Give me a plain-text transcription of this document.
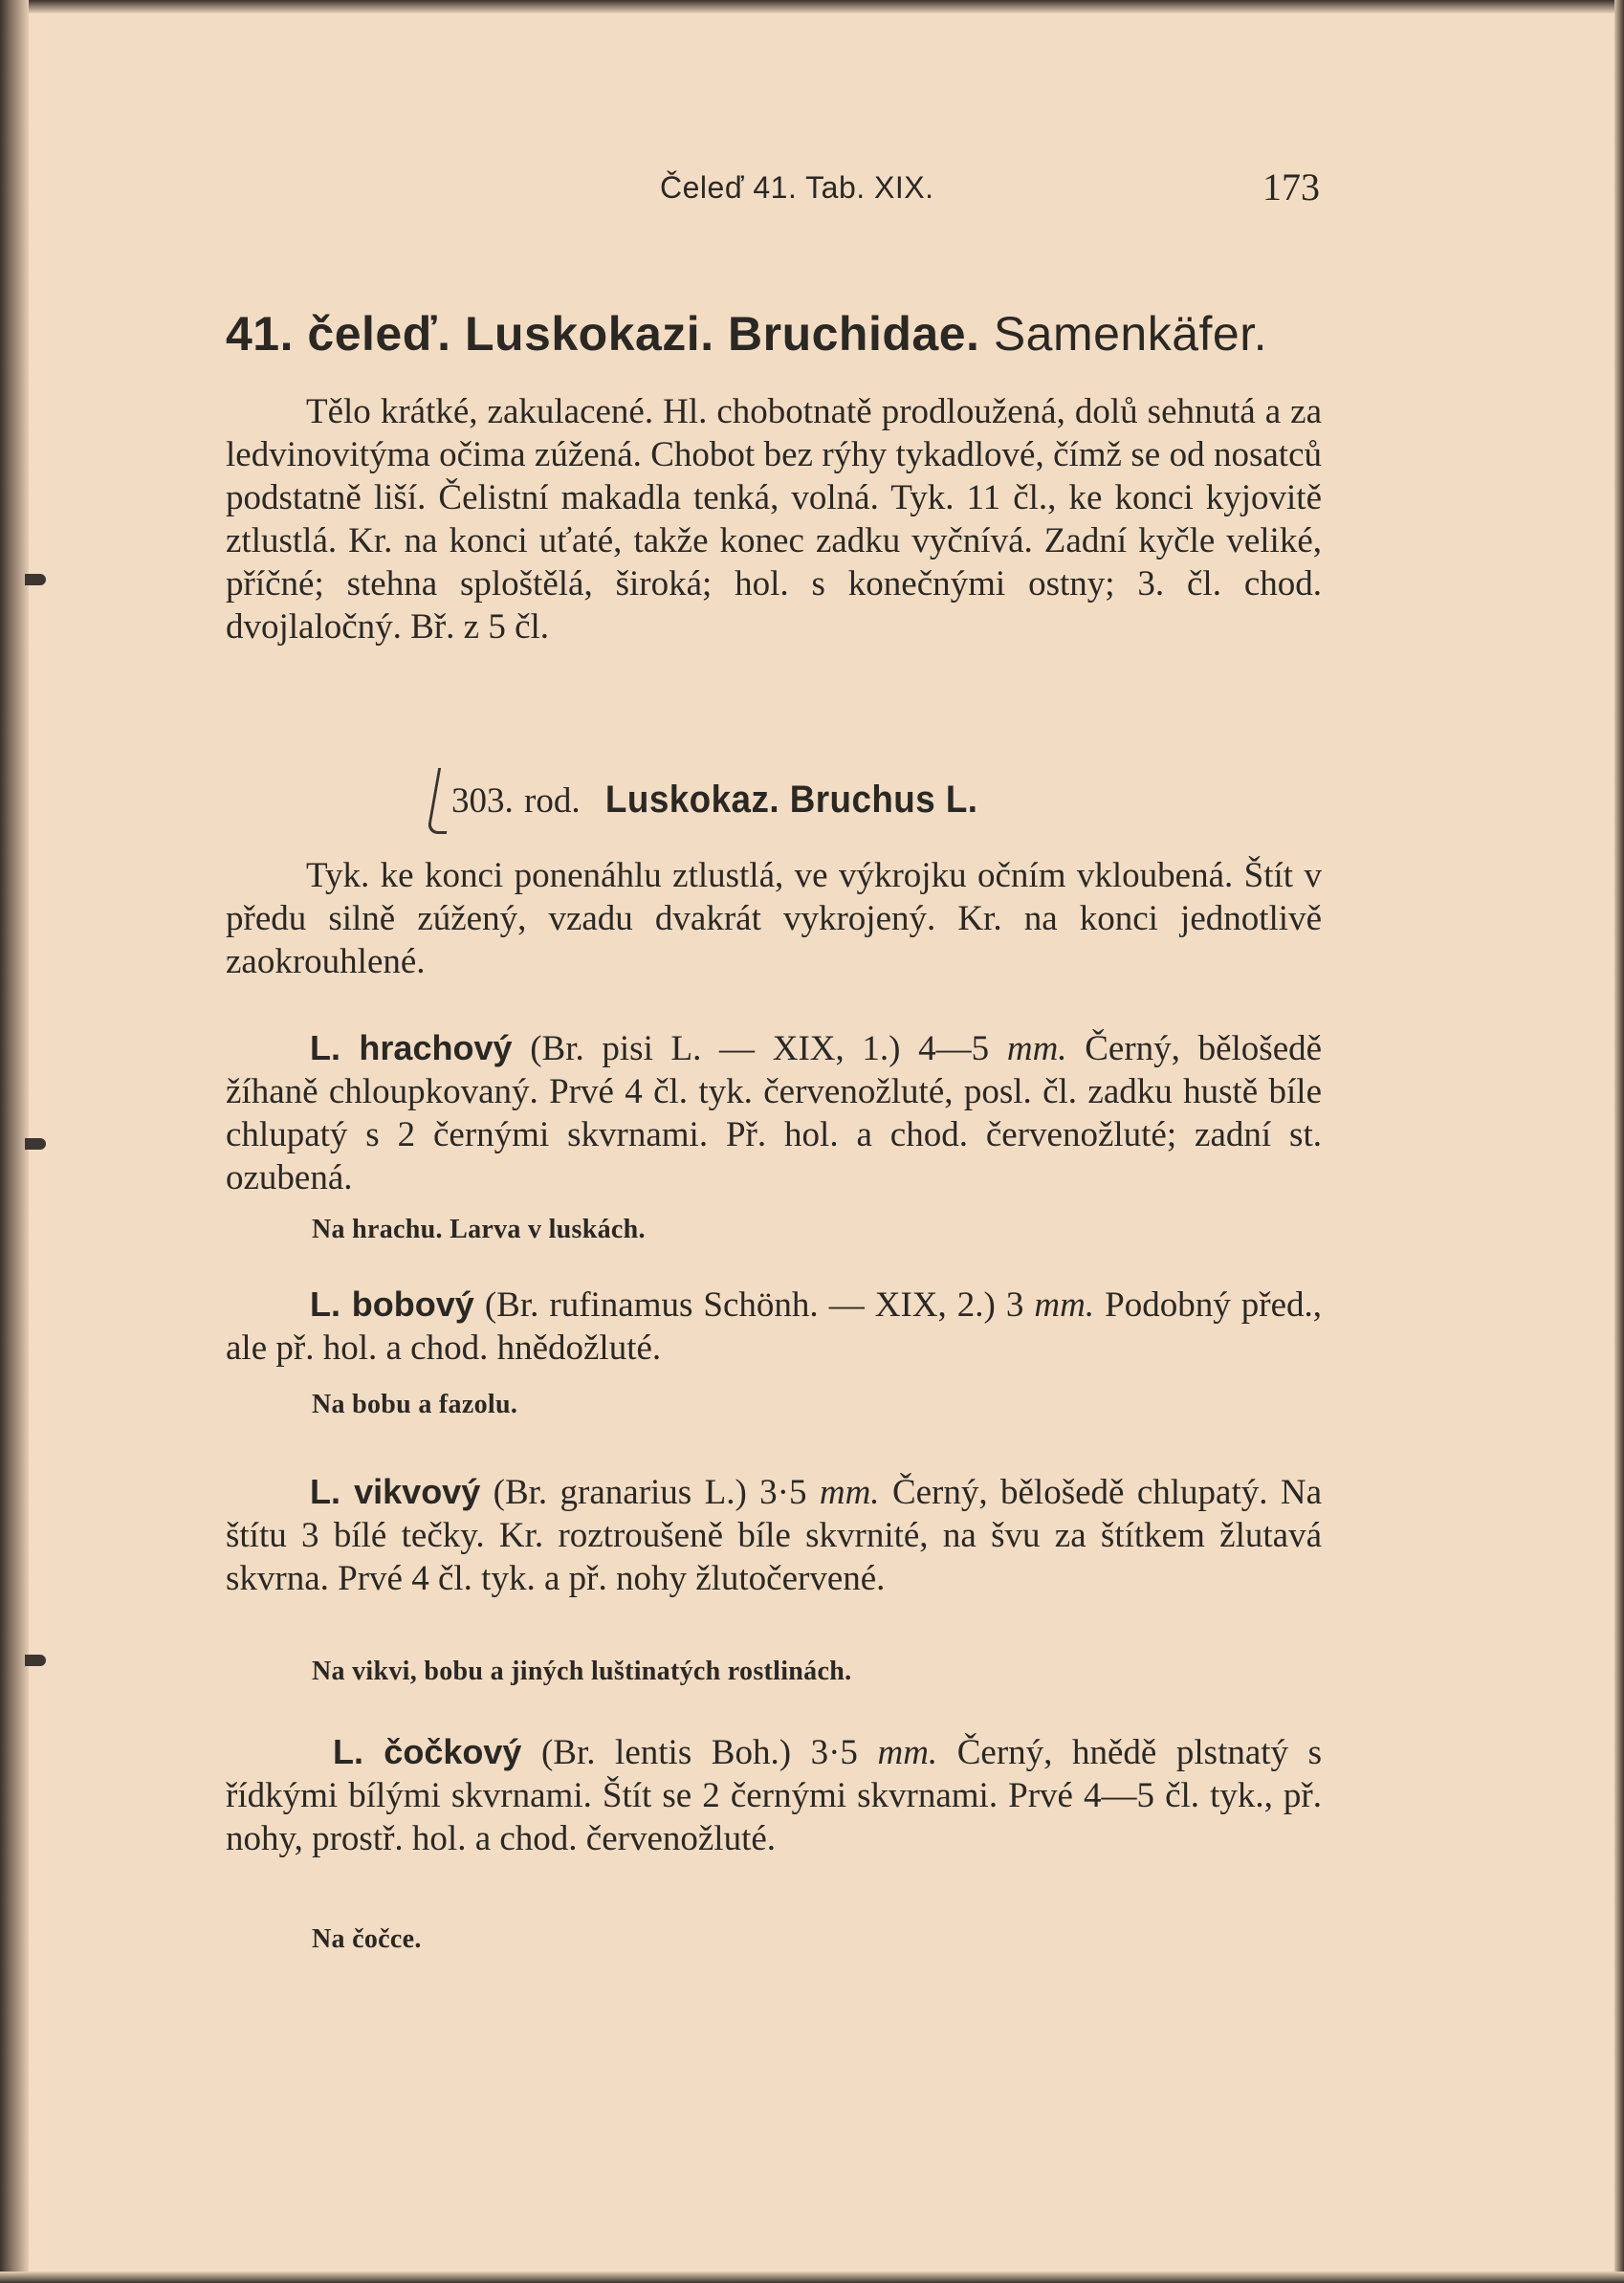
Čeleď 41. Tab. XIX.	173
41. čeleď. Luskokazi. Bruchidae. Samenkäfer.
Tělo krátké, zakulacené. Hl. chobotnatě prodloužená, dolů sehnutá a za ledvinovitýma očima zúžená. Chobot bez rýhy tykadlové, čímž se od nosatců podstatně liší. Čelistní makadla tenká, volná. Tyk. 11 čl., ke konci kyjovitě ztlustlá. Kr. na konci uťaté, takže konec zadku vyčnívá. Zadní kyčle veliké, příčné; stehna sploštělá, široká; hol. s konečnými ostny; 3. čl. chod. dvojlaločný. Bř. z 5 čl.
303. rod. Luskokaz. Bruchus L.
Tyk. ke konci ponenáhlu ztlustlá, ve výkrojku očním vkloubená. Štít v předu silně zúžený, vzadu dvakrát vykrojený. Kr. na konci jednotlivě zaokrouhlené.
L. hrachový (Br. pisi L. — XIX, 1.) 4—5 mm. Černý, bělošedě žíhaně chloupkovaný. Prvé 4 čl. tyk. červenožluté, posl. čl. zadku hustě bíle chlupatý s 2 černými skvrnami. Př. hol. a chod. červenožluté; zadní st. ozubená.
Na hrachu. Larva v luskách.
L. bobový (Br. rufinamus Schönh. — XIX, 2.) 3 mm. Podobný před., ale př. hol. a chod. hnědožluté.
Na bobu a fazolu.
L. vikvový (Br. granarius L.) 3·5 mm. Černý, bělošedě chlupatý. Na štítu 3 bílé tečky. Kr. roztroušeně bíle skvrnité, na švu za štítkem žlutavá skvrna. Prvé 4 čl. tyk. a př. nohy žlutočervené.
Na vikvi, bobu a jiných luštinatých rostlinách.
L. čočkový (Br. lentis Boh.) 3·5 mm. Černý, hnědě plstnatý s řídkými bílými skvrnami. Štít se 2 černými skvrnami. Prvé 4—5 čl. tyk., př. nohy, prostř. hol. a chod. červenožluté.
Na čočce.
